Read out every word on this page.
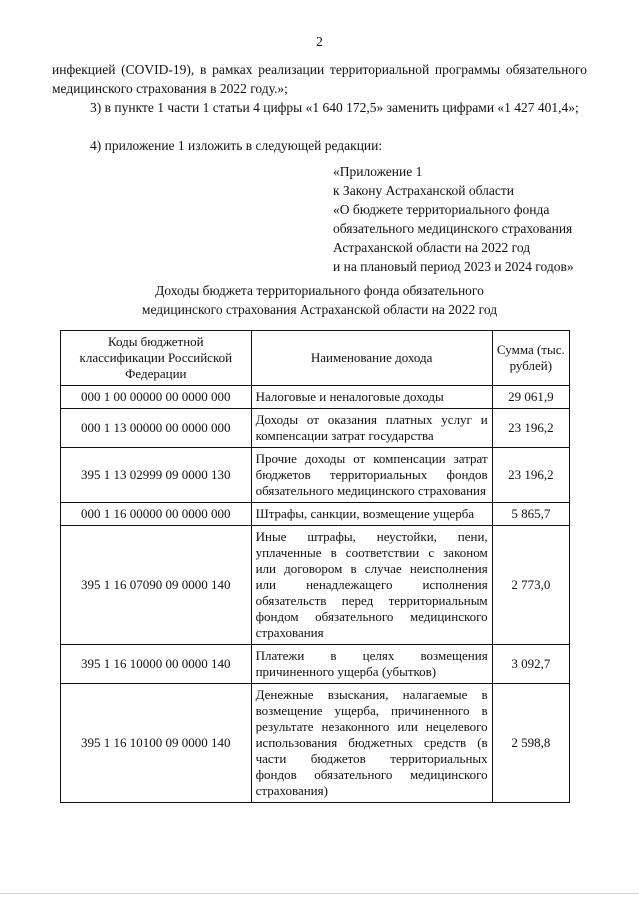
2
инфекцией (COVID-19), в рамках реализации территориальной программы обязательного медицинского страхования в 2022 году.»;
3) в пункте 1 части 1 статьи 4 цифры «1 640 172,5» заменить цифрами «1 427 401,4»;
4) приложение 1 изложить в следующей редакции:
«Приложение 1
к Закону Астраханской области
«О бюджете территориального фонда
обязательного медицинского страхования
Астраханской области на 2022 год
и на плановый период 2023 и 2024 годов»
Доходы бюджета территориального фонда обязательного
медицинского страхования Астраханской области на 2022 год
Коды бюджетной классификации Российской Федерации	Наименование дохода	Сумма (тыс. рублей)
000 1 00 00000 00 0000 000	Налоговые и неналоговые доходы	29 061,9
000 1 13 00000 00 0000 000	Доходы от оказания платных услуг и компенсации затрат государства	23 196,2
395 1 13 02999 09 0000 130	Прочие доходы от компенсации затрат бюджетов территориальных фондов обязательного медицинского страхования	23 196,2
000 1 16 00000 00 0000 000	Штрафы, санкции, возмещение ущерба	5 865,7
395 1 16 07090 09 0000 140	Иные штрафы, неустойки, пени, уплаченные в соответствии с законом или договором в случае неисполнения или ненадлежащего исполнения обязательств перед территориальным фондом обязательного медицинского страхования	2 773,0
395 1 16 10000 00 0000 140	Платежи в целях возмещения причиненного ущерба (убытков)	3 092,7
395 1 16 10100 09 0000 140	Денежные взыскания, налагаемые в возмещение ущерба, причиненного в результате незаконного или нецелевого использования бюджетных средств (в части бюджетов территориальных фондов обязательного медицинского страхования)	2 598,8
